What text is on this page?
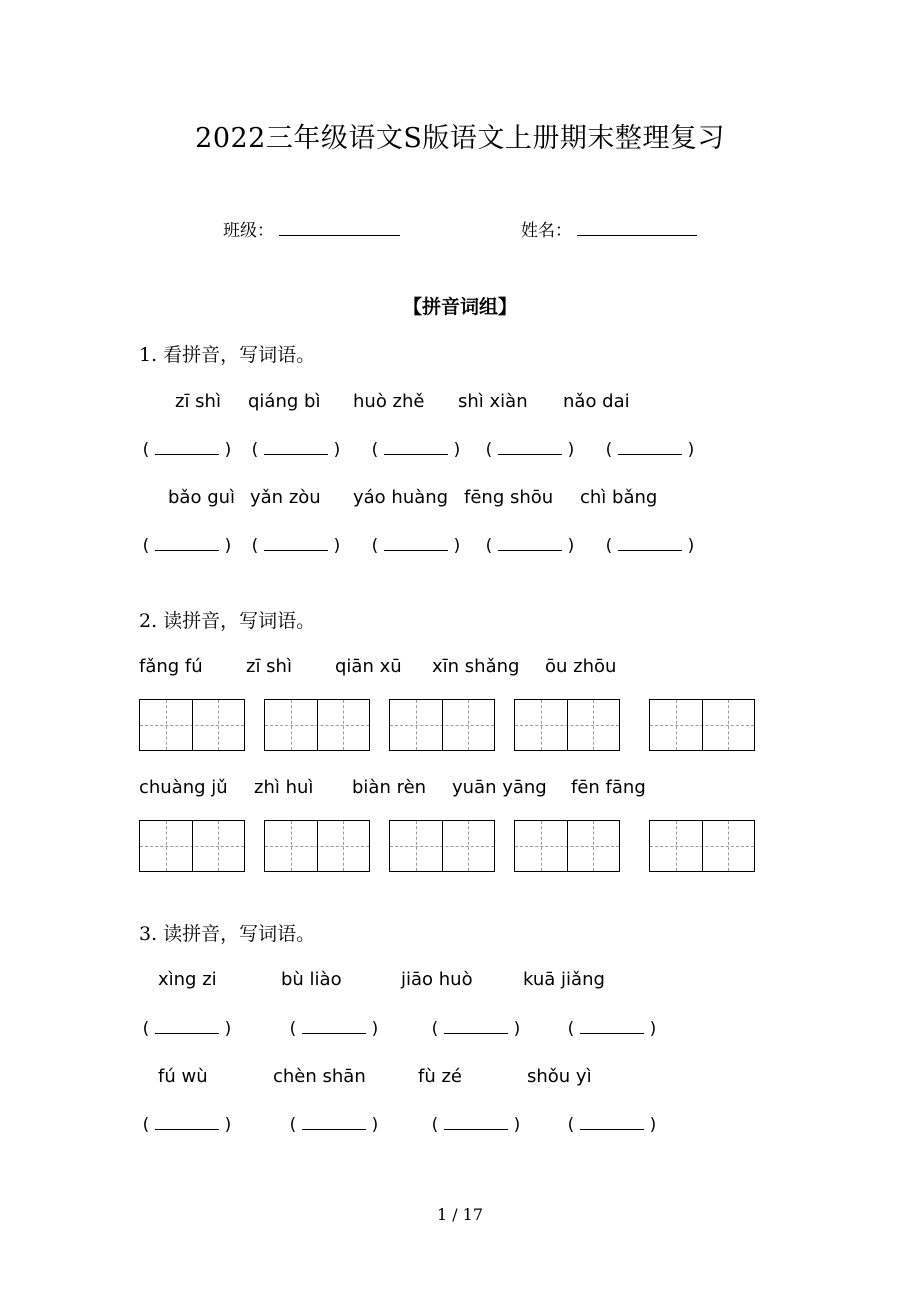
2022三年级语文S版语文上册期末整理复习
班级：	姓名：
【拼音词组】
1. 看拼音，写词语。
zī shì qiáng bì huò zhě shì xiàn nǎo dai
(	) (	) (	) (	) (	)
bǎo guì yǎn zòu yáo huàng fēng shōu chì bǎng
(	) (	) (	) (	) (	)
2. 读拼音，写词语。
fǎng fú zī shì qiān xū xīn shǎng ōu zhōu
chuàng jǔ zhì huì biàn rèn yuān yāng fēn fāng
3. 读拼音，写词语。
xìng zi	bù liào	jiāo huò	kuā jiǎng
(	)	(	)	(	)	(	)
fú wù	chèn shān	fù zé	shǒu yì
(	)	(	)	(	)	(	)
1 / 17
